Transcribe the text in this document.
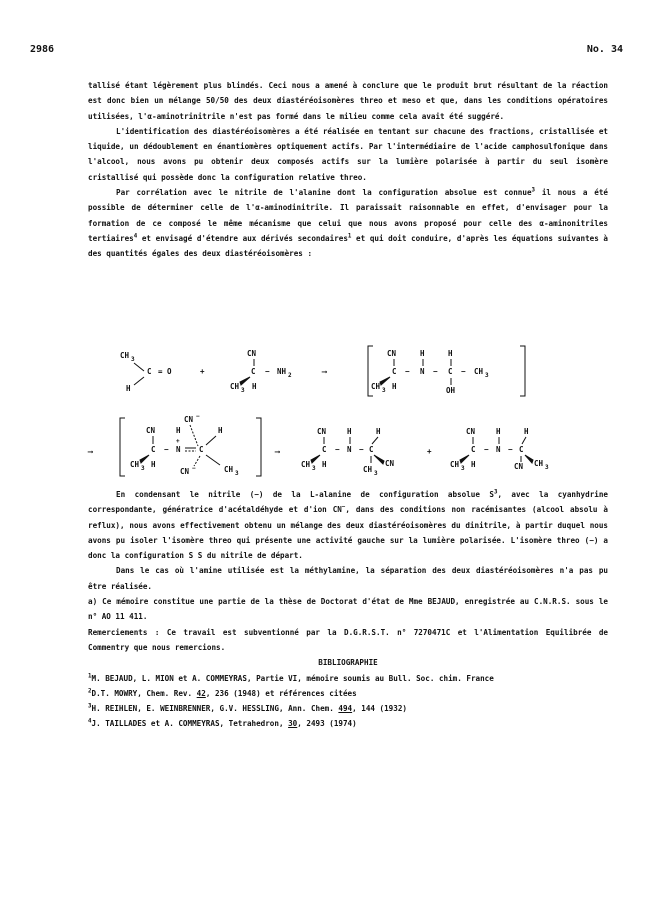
2986	No. 34

tallisé étant légèrement plus blindés. Ceci nous a amené à conclure que le produit brut résultant de la réaction est donc bien un mélange 50/50 des deux diastéréoisomères threo et meso et que, dans les conditions opératoires utilisées, l'α-aminotrinitrile n'est pas formé dans le milieu comme cela avait été suggéré.

L'identification des diastéréoisomères a été réalisée en tentant sur chacune des fractions, cristallisée et liquide, un dédoublement en énantiomères optiquement actifs. Par l'intermédiaire de l'acide camphosulfonique dans l'alcool, nous avons pu obtenir deux composés actifs sur la lumière polarisée à partir du seul isomère cristallisé qui possède donc la configuration relative threo.

Par corrélation avec le nitrile de l'alanine dont la configuration absolue est connue$^3$ il nous a été possible de déterminer celle de l'α-aminodinitrile. Il paraissait raisonnable en effet, d'envisager pour la formation de ce composé le même mécanisme que celui que nous avons proposé pour celle des α-aminonitriles tertiaires$^4$ et envisagé d'étendre aux dérivés secondaires$^1$ et qui doit conduire, d'après les équations suivantes à des quantités égales des deux diastéréoisomères :

CH 3
C = O
H
+
CN
C − NH 2
CH 3 H
⟶
CN
C −
H
N −
H
C − CH 3
OH
CH 3 H
⟶
CN −
CN
C −
H
+
N C
H
CH 3
CN −
CH 3 H
⟶
CN
C −
H
N −
H
C
CN
CH 3
CH 3 H
+
CN
C −
H
N −
H
C
CN CH 3
CH 3 H

En condensant le nitrile (−) de la L-alanine de configuration absolue $S^3$, avec la cyanhydrine correspondante, génératrice d'acétaldéhyde et d'ion CN−, dans des conditions non racémisantes (alcool absolu à reflux), nous avons effectivement obtenu un mélange des deux diastéréoisomères du dinitrile, à partir duquel nous avons pu isoler l'isomère threo qui présente une activité gauche sur la lumière polarisée. L'isomère threo (−) a donc la configuration S S du nitrile de départ.

Dans le cas où l'amine utilisée est la méthylamine, la séparation des deux diastéréoisomères n'a pas pu être réalisée.

a) Ce mémoire constitue une partie de la thèse de Doctorat d'état de Mme BEJAUD, enregistrée au C.N.R.S. sous le n° AO 11 411.

Remerciements : Ce travail est subventionné par la D.G.R.S.T. n° 7270471C et l'Alimentation Equilibrée de Commentry que nous remercions.

BIBLIOGRAPHIE

$^1$M. BEJAUD, L. MION et A. COMMEYRAS, Partie VI, mémoire soumis au Bull. Soc. chim. France

$^2$D.T. MOWRY, Chem. Rev. 42, 236 (1948) et références citées

$^3$H. REIHLEN, E. WEINBRENNER, G.V. HESSLING, Ann. Chem. 494, 144 (1932)

$^4$J. TAILLADES et A. COMMEYRAS, Tetrahedron, 30, 2493 (1974)
